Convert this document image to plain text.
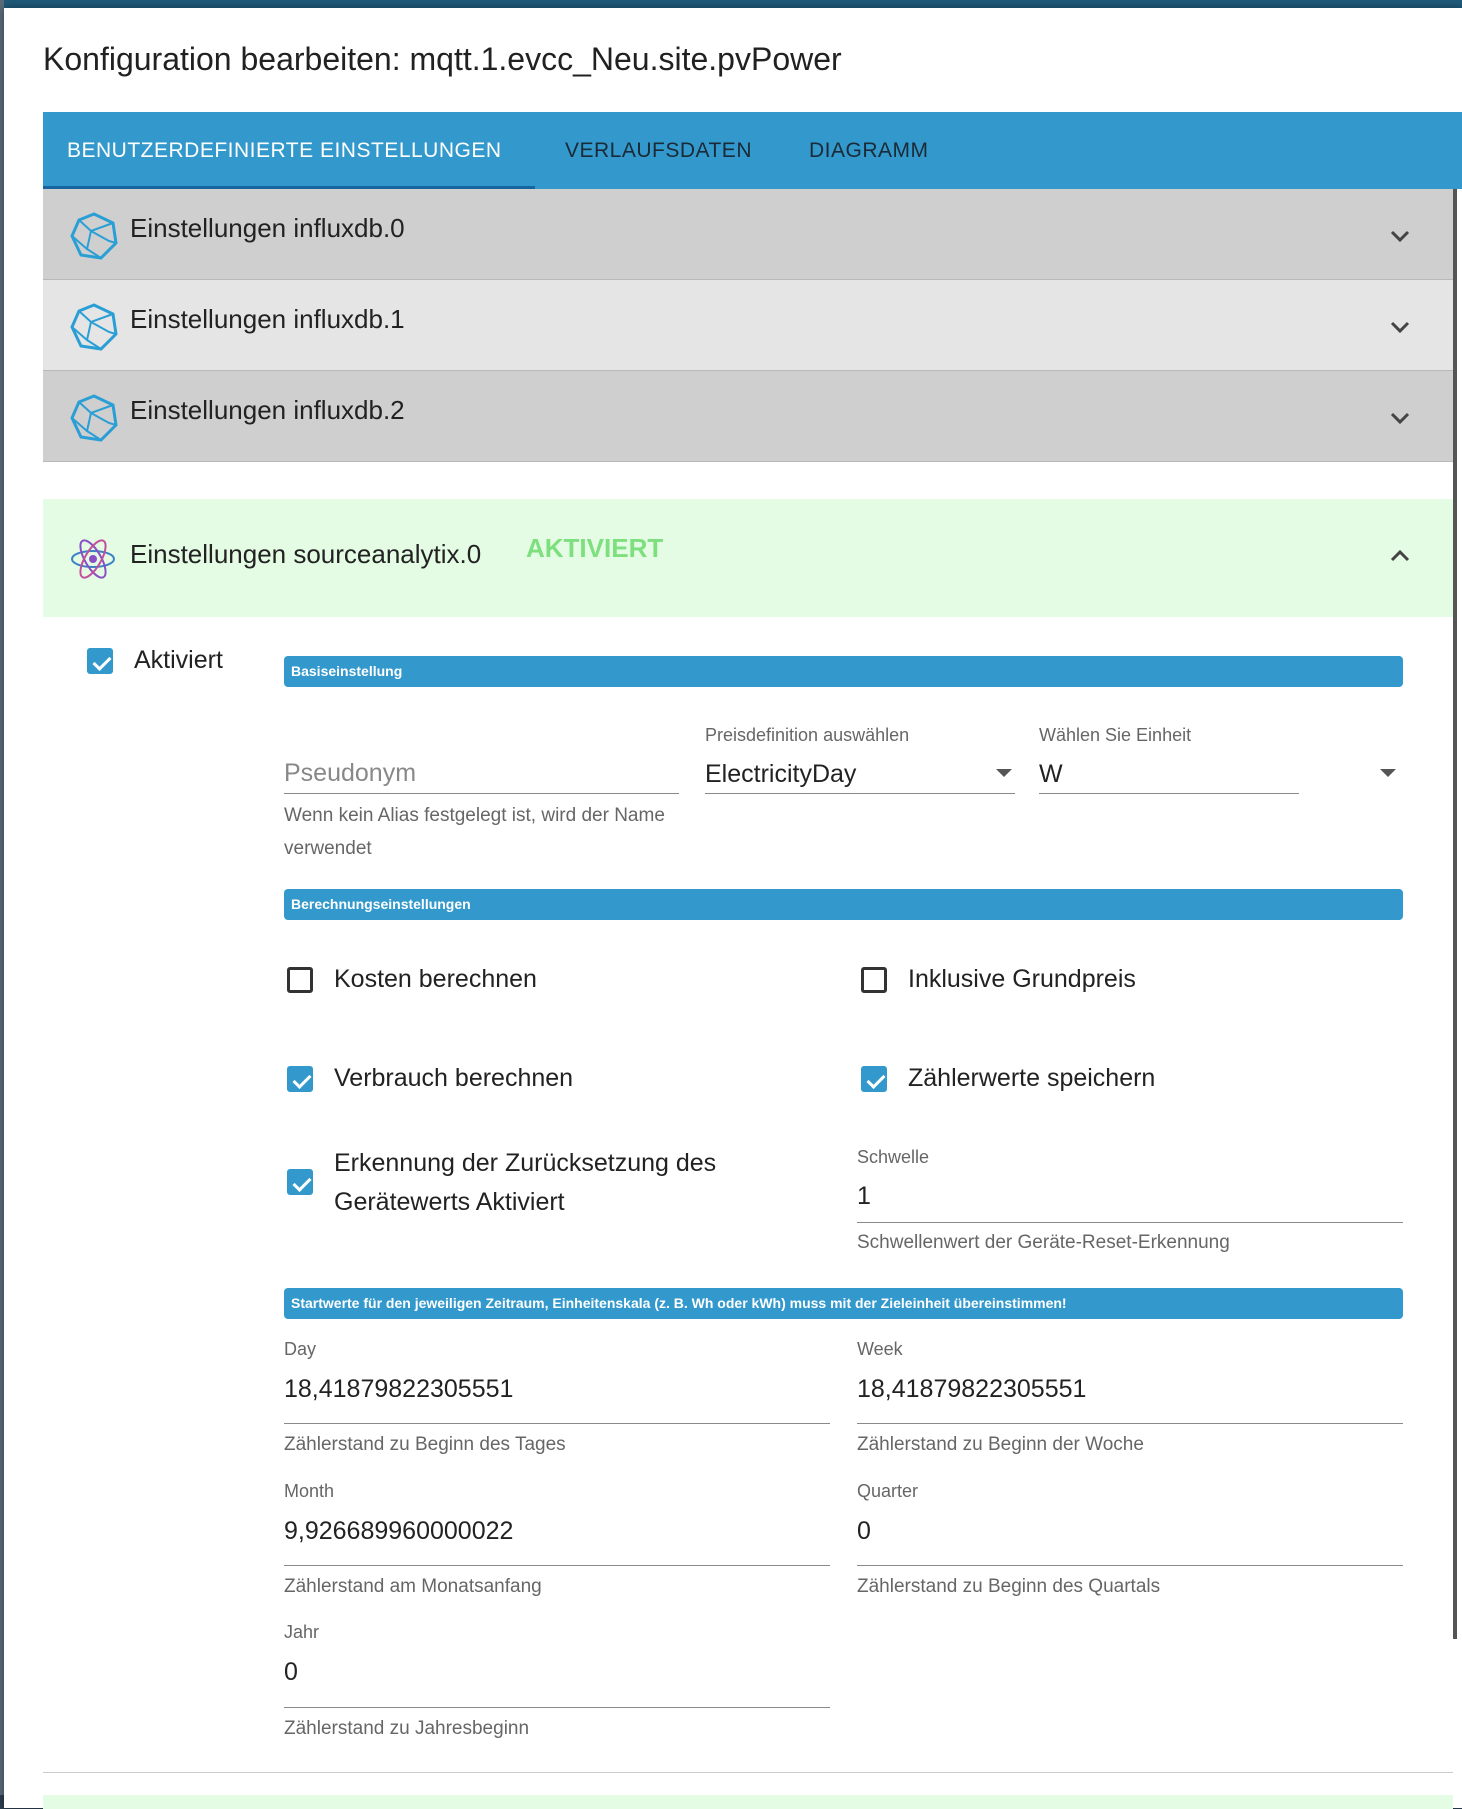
Konfiguration bearbeiten: mqtt.1.evcc_Neu.site.pvPower
BENUTZERDEFINIERTE EINSTELLUNGEN	VERLAUFSDATEN	DIAGRAMM
Einstellungen influxdb.0
Einstellungen influxdb.1
Einstellungen influxdb.2
Einstellungen sourceanalytix.0 AKTIVIERT
Aktiviert	Basiseinstellung
Pseudonym
Wenn kein Alias festgelegt ist, wird der Name verwendet
Preisdefinition auswählen
ElectricityDay
Wählen Sie Einheit
W
Berechnungseinstellungen
Kosten berechnen	Inklusive Grundpreis
Verbrauch berechnen	Zählerwerte speichern
Erkennung der Zurücksetzung des Gerätewerts Aktiviert
Schwelle
1
Schwellenwert der Geräte-Reset-Erkennung
Startwerte für den jeweiligen Zeitraum, Einheitenskala (z. B. Wh oder kWh) muss mit der Zieleinheit übereinstimmen!
Day
18,41879822305551
Zählerstand zu Beginn des Tages
Week
18,41879822305551
Zählerstand zu Beginn der Woche
Month
9,926689960000022
Zählerstand am Monatsanfang
Quarter
0
Zählerstand zu Beginn des Quartals
Jahr
0
Zählerstand zu Jahresbeginn
